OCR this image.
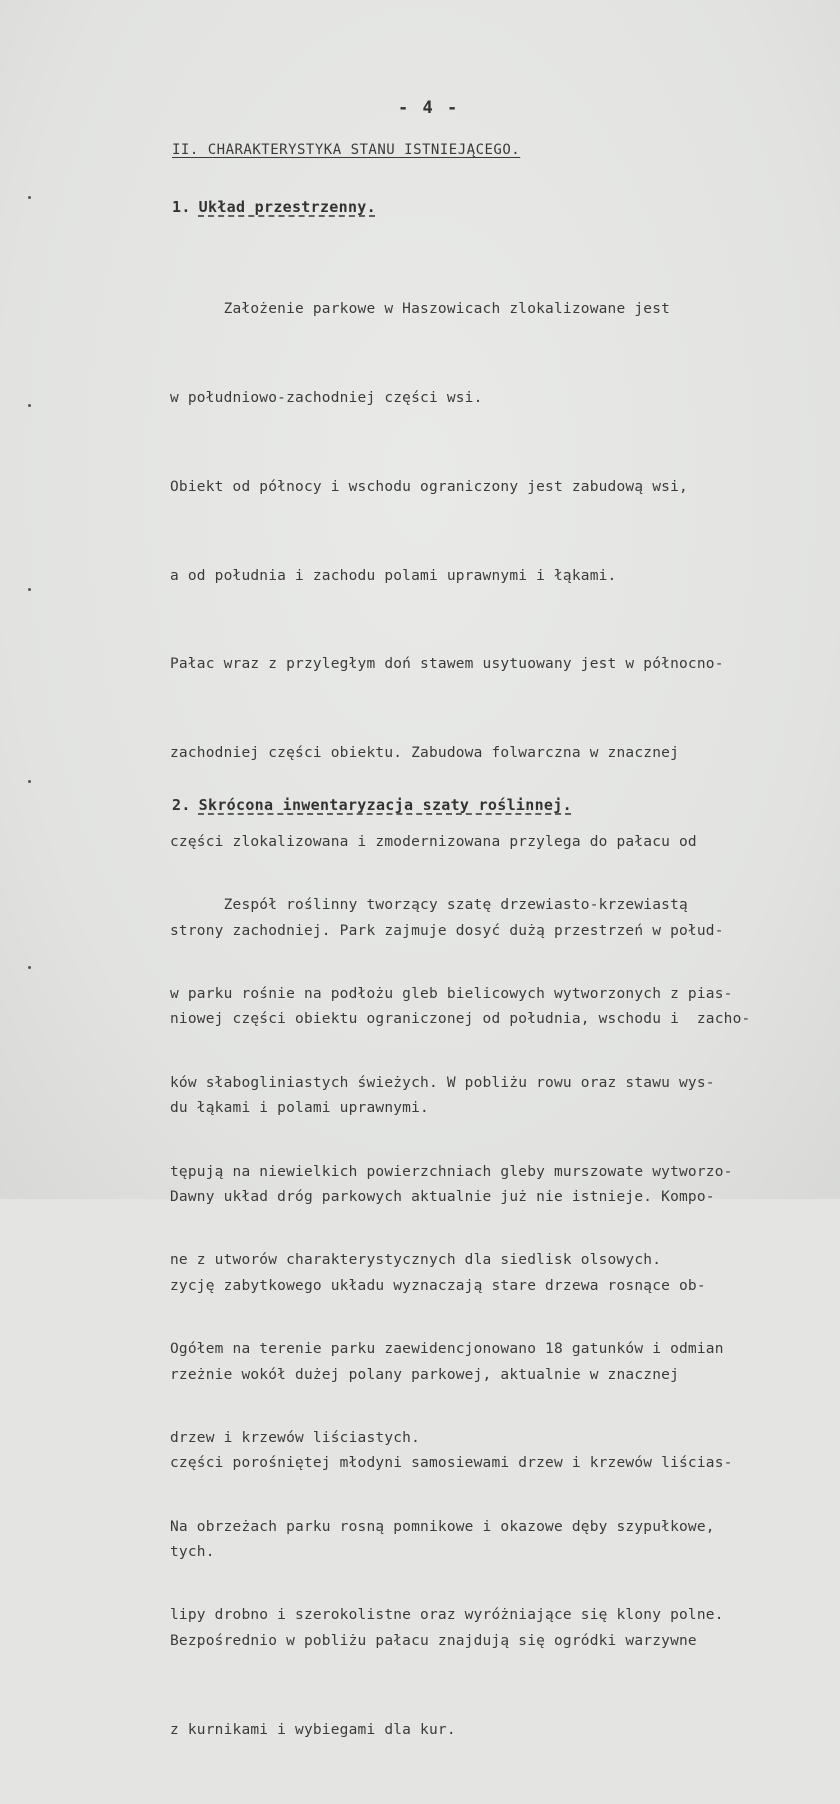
- 4 -
II. CHARAKTERYSTYKA STANU ISTNIEJĄCEGO.
1. Układ przestrzenny.

Założenie parkowe w Haszowicach zlokalizowane jest

w południowo-zachodniej części wsi.

Obiekt od północy i wschodu ograniczony jest zabudową wsi,

a od południa i zachodu polami uprawnymi i łąkami.

Pałac wraz z przyległym doń stawem usytuowany jest w północno-

zachodniej części obiektu. Zabudowa folwarczna w znacznej

części zlokalizowana i zmodernizowana przylega do pałacu od

strony zachodniej. Park zajmuje dosyć dużą przestrzeń w połud-

niowej części obiektu ograniczonej od południa, wschodu i  zacho-

du łąkami i polami uprawnymi.

Dawny układ dróg parkowych aktualnie już nie istnieje. Kompo-

zycję zabytkowego układu wyznaczają stare drzewa rosnące ob-

rzeżnie wokół dużej polany parkowej, aktualnie w znacznej

części porośniętej młodyni samosiewami drzew i krzewów liścias-

tych.

Bezpośrednio w pobliżu pałacu znajdują się ogródki warzywne

z kurnikami i wybiegami dla kur.

2. Skrócona inwentaryzacja szaty roślinnej.

Zespół roślinny tworzący szatę drzewiasto-krzewiastą

w parku rośnie na podłożu gleb bielicowych wytworzonych z pias-

ków słabogliniastych świeżych. W pobliżu rowu oraz stawu wys-

tępują na niewielkich powierzchniach gleby murszowate wytworzo-

ne z utworów charakterystycznych dla siedlisk olsowych.

Ogółem na terenie parku zaewidencjonowano 18 gatunków i odmian

drzew i krzewów liściastych.

Na obrzeżach parku rosną pomnikowe i okazowe dęby szypułkowe,

lipy drobno i szerokolistne oraz wyróżniające się klony polne.
